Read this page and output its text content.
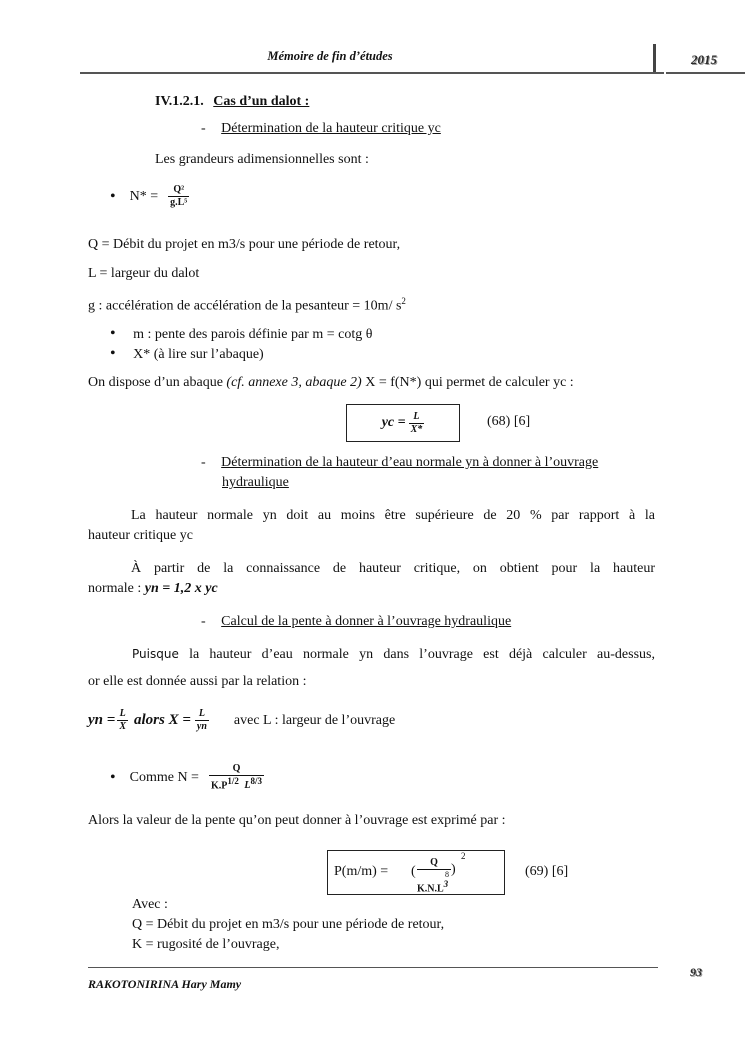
Mémoire de fin d’études	2015
IV.1.2.1. Cas d’un dalot :
- Détermination de la hauteur critique yc
Les grandeurs adimensionnelles sont :
• $N* = \frac{\text{Q²}}{\text{g.L⁵}}$
Q = Débit du projet en m3/s pour une période de retour,
L = largeur du dalot
g : accélération de accélération de la pesanteur = 10m/ $s^2$
• m : pente des parois définie par m = cotg θ
• X* (à lire sur l’abaque)
On dispose d’un abaque (cf. annexe 3, abaque 2) X = f(N*) qui permet de calculer yc :
yc = $\frac{L}{X*}$	(68) [6]
- Détermination de la hauteur d’eau normale yn à donner à l’ouvrage
hydraulique
La hauteur normale yn doit au moins être supérieure de 20 % par rapport à la
hauteur critique yc
À partir de la connaissance de hauteur critique, on obtient pour la hauteur
normale : yn = 1,2 x yc
- Calcul de la pente à donner à l’ouvrage hydraulique
Puisque la hauteur d’eau normale yn dans l’ouvrage est déjà calculer au-dessus,
or elle est donnée aussi par la relation :
yn = $\frac{L}{X}$ alors $X = \frac{L}{yn}$ avec L : largeur de l’ouvrage
• Comme $N = \frac{Q}{K.P^{1/2} L^{8/3}}$
Alors la valeur de la pente qu’on peut donner à l’ouvrage est exprimé par :
P(m/m) = (
Q
$K.N.L^3$
8 )
2
(69) [6]
Avec :
Q = Débit du projet en m3/s pour une période de retour,
K = rugosité de l’ouvrage,
RAKOTONIRINA Hary Mamy
93
